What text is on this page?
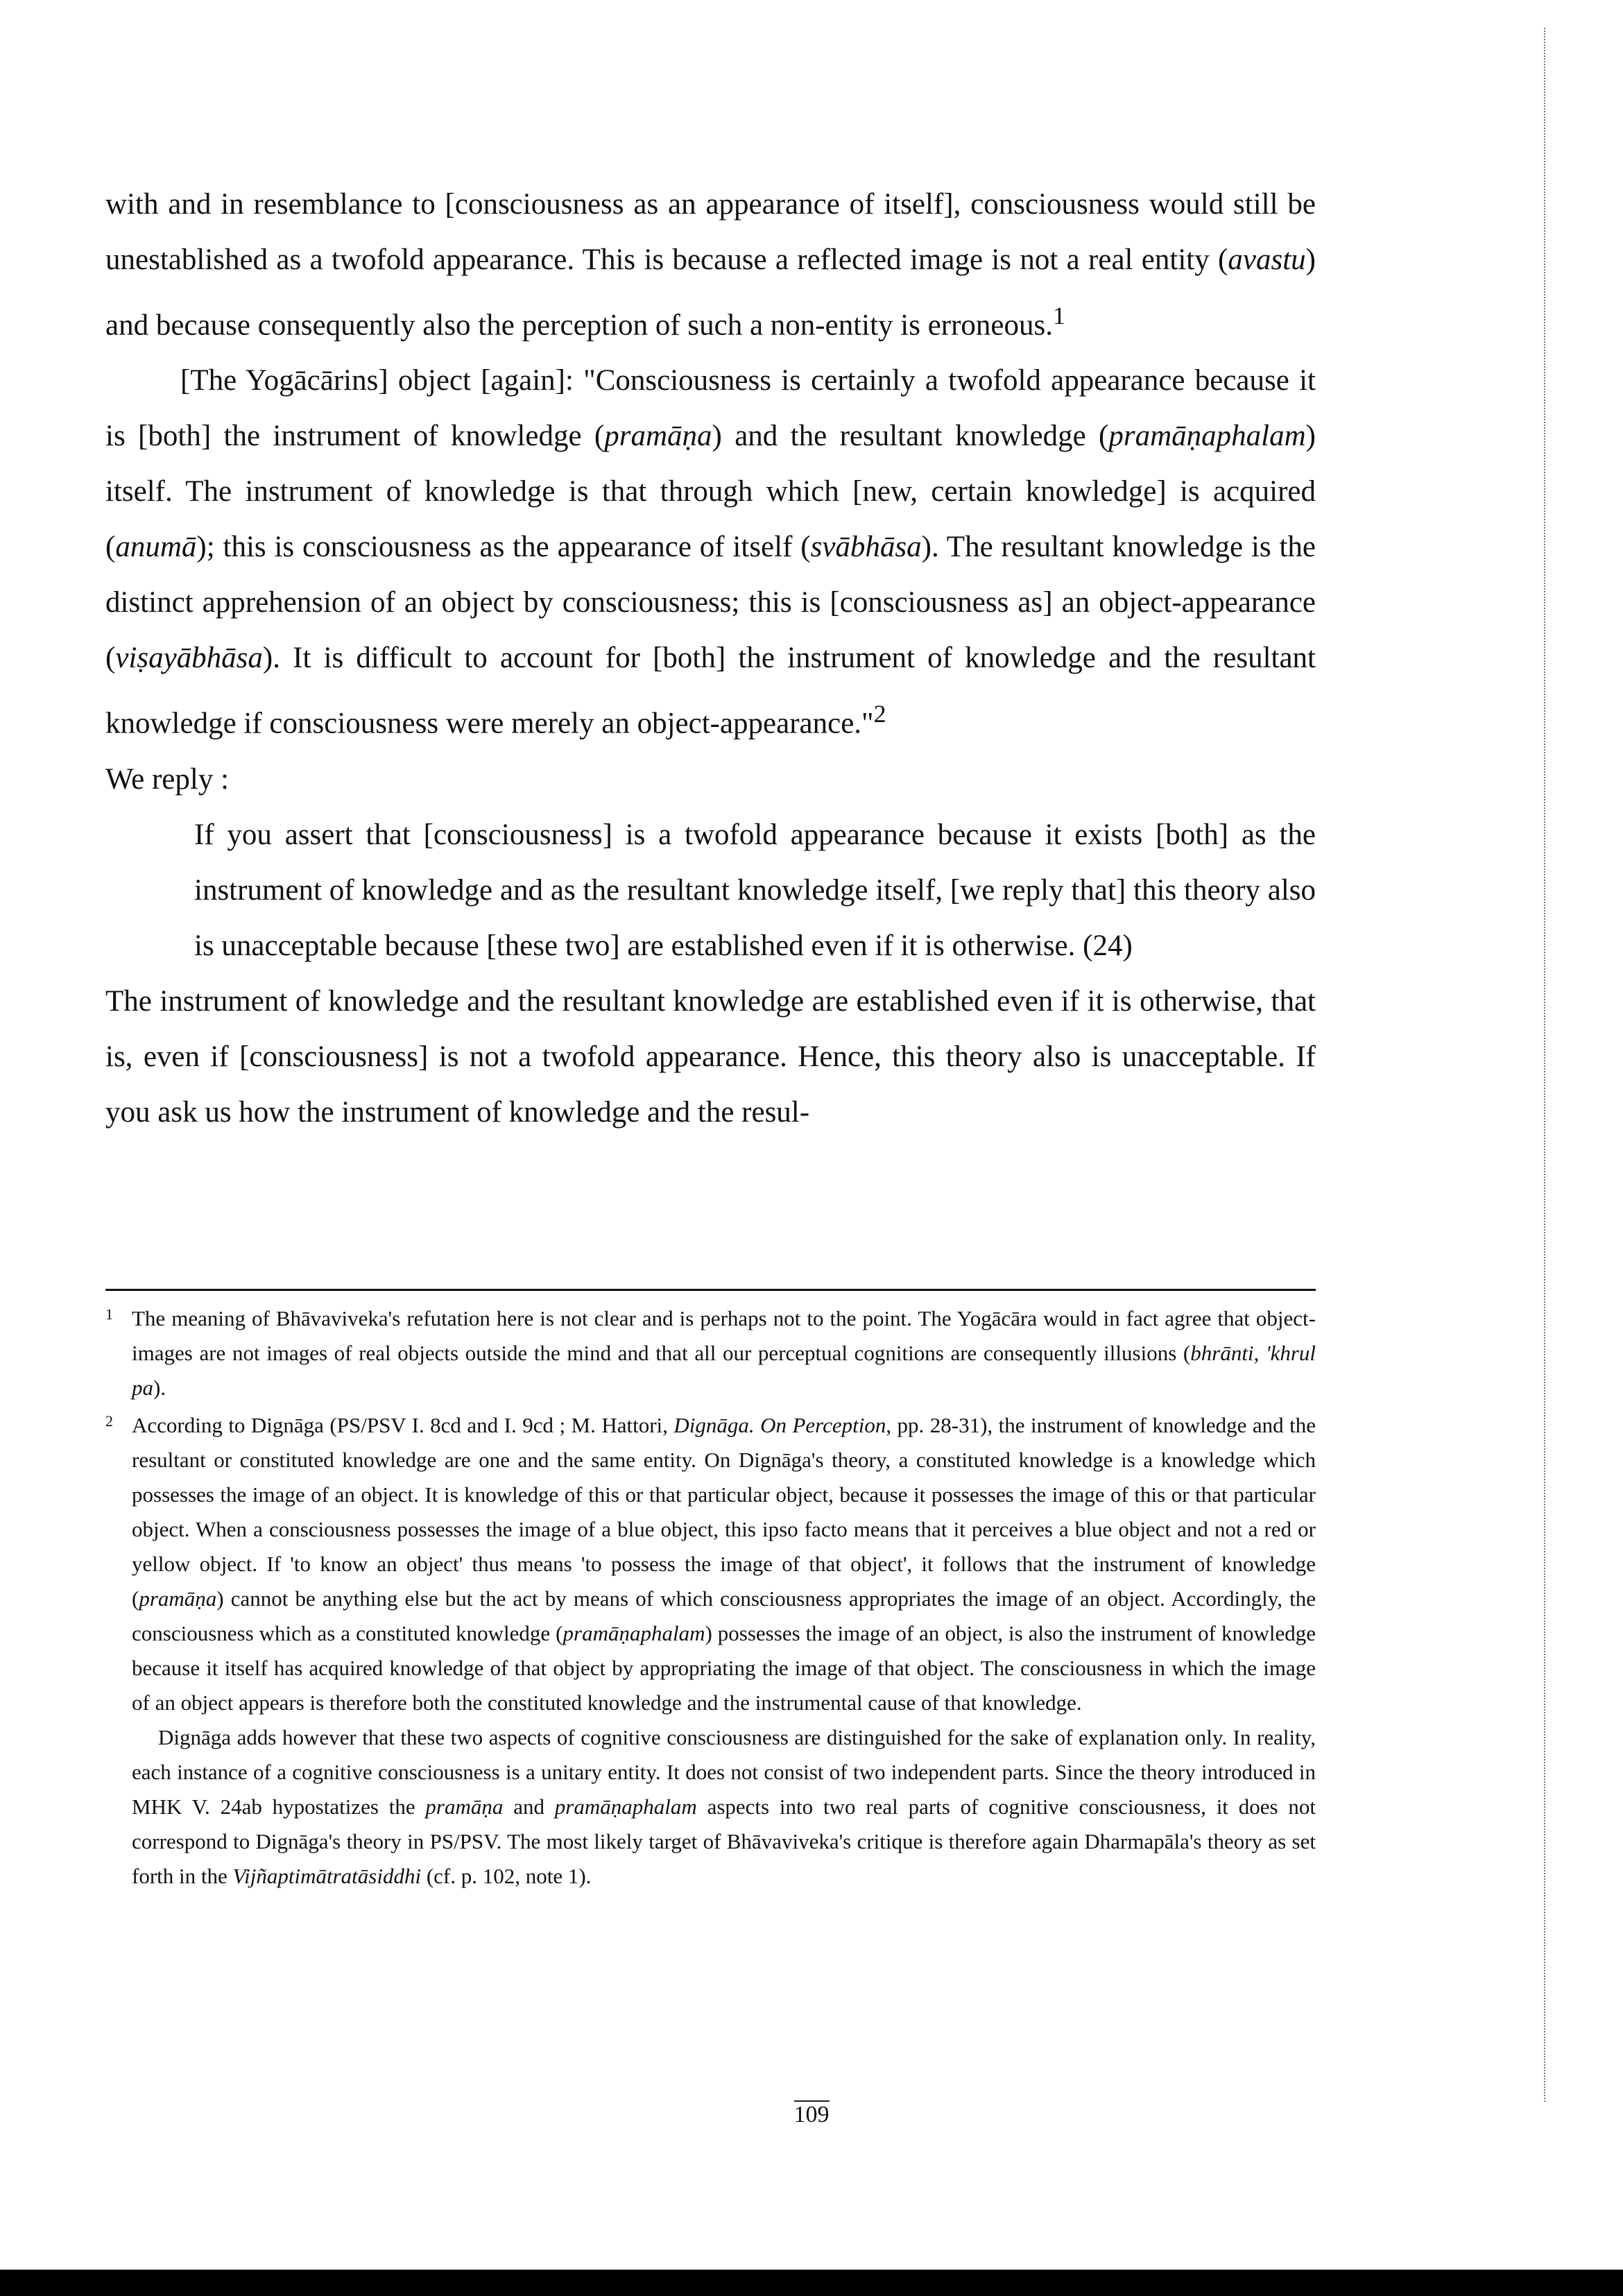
with and in resemblance to [consciousness as an appearance of itself], consciousness would still be unestablished as a twofold appearance. This is because a reflected image is not a real entity (avastu) and because consequently also the perception of such a non-entity is erroneous.$^1$

[The Yogācārins] object [again]: "Consciousness is certainly a twofold appearance because it is [both] the instrument of knowledge (pramāṇa) and the resultant knowledge (pramāṇaphalam) itself. The instrument of knowledge is that through which [new, certain knowledge] is acquired (anumā); this is consciousness as the appearance of itself (svābhāsa). The resultant knowledge is the distinct apprehension of an object by consciousness; this is [consciousness as] an object-appearance (viṣayābhāsa). It is difficult to account for [both] the instrument of knowledge and the resultant knowledge if consciousness were merely an object-appearance."$^2$

We reply :

If you assert that [consciousness] is a twofold appearance because it exists [both] as the instrument of knowledge and as the resultant knowledge itself, [we reply that] this theory also is unacceptable because [these two] are established even if it is otherwise. (24)

The instrument of knowledge and the resultant knowledge are established even if it is otherwise, that is, even if [consciousness] is not a twofold appearance. Hence, this theory also is unacceptable. If you ask us how the instrument of knowledge and the resul-

1 The meaning of Bhāvaviveka's refutation here is not clear and is perhaps not to the point. The Yogācāra would in fact agree that object-images are not images of real objects outside the mind and that all our perceptual cognitions are consequently illusions (bhrānti, 'khrul pa).
2 According to Dignāga (PS/PSV I. 8cd and I. 9cd ; M. Hattori, Dignāga. On Perception, pp. 28-31), the instrument of knowledge and the resultant or constituted knowledge are one and the same entity. On Dignāga's theory, a constituted knowledge is a knowledge which possesses the image of an object. It is knowledge of this or that particular object, because it possesses the image of this or that particular object. When a consciousness possesses the image of a blue object, this ipso facto means that it perceives a blue object and not a red or yellow object. If 'to know an object' thus means 'to possess the image of that object', it follows that the instrument of knowledge (pramāṇa) cannot be anything else but the act by means of which consciousness appropriates the image of an object. Accordingly, the consciousness which as a constituted knowledge (pramāṇaphalam) possesses the image of an object, is also the instrument of knowledge because it itself has acquired knowledge of that object by appropriating the image of that object. The consciousness in which the image of an object appears is therefore both the constituted knowledge and the instrumental cause of that knowledge.

Dignāga adds however that these two aspects of cognitive consciousness are distinguished for the sake of explanation only. In reality, each instance of a cognitive consciousness is a unitary entity. It does not consist of two independent parts. Since the theory introduced in MHK V. 24ab hypostatizes the pramāṇa and pramāṇaphalam aspects into two real parts of cognitive consciousness, it does not correspond to Dignāga's theory in PS/PSV. The most likely target of Bhāvaviveka's critique is therefore again Dharmapāla's theory as set forth in the Vijñaptimātratāsiddhi (cf. p. 102, note 1).

109
